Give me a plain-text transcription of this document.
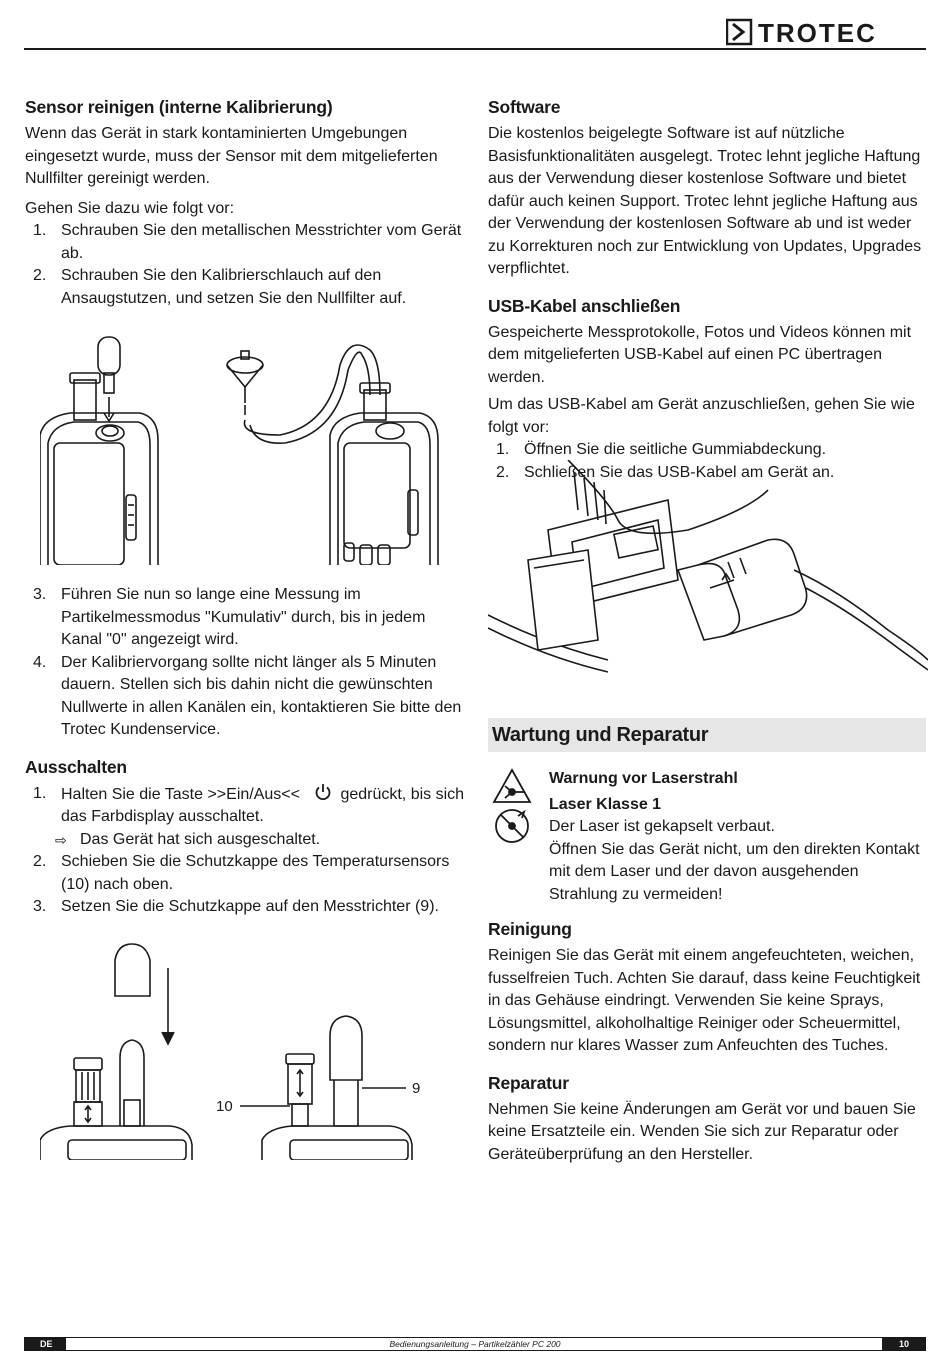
TROTEC
Sensor reinigen (interne Kalibrierung)

Wenn das Gerät in stark kontaminierten Umgebungen eingesetzt wurde, muss der Sensor mit dem mitgelieferten Nullfilter gereinigt werden.

Gehen Sie dazu wie folgt vor:

1. Schrauben Sie den metallischen Messtrichter vom Gerät ab.
2. Schrauben Sie den Kalibrierschlauch auf den Ansaugstutzen, und setzen Sie den Nullfilter auf.
3. Führen Sie nun so lange eine Messung im Partikelmessmodus "Kumulativ" durch, bis in jedem Kanal "0" angezeigt wird.
4. Der Kalibriervorgang sollte nicht länger als 5 Minuten dauern. Stellen sich bis dahin nicht die gewünschten Nullwerte in allen Kanälen ein, kontaktieren Sie bitte den Trotec Kundenservice.
Ausschalten
1. Halten Sie die Taste >>Ein/Aus<<	gedrückt, bis sich das Farbdisplay ausschaltet.
⇨ Das Gerät hat sich ausgeschaltet.
2. Schieben Sie die Schutzkappe des Temperatursensors (10) nach oben.
3. Setzen Sie die Schutzkappe auf den Messtrichter (9).
10
9
Software

Die kostenlos beigelegte Software ist auf nützliche Basisfunktionalitäten ausgelegt. Trotec lehnt jegliche Haftung aus der Verwendung dieser kostenlose Software und bietet dafür auch keinen Support. Trotec lehnt jegliche Haftung aus der Verwendung der kostenlosen Software ab und ist weder zu Korrekturen noch zur Entwicklung von Updates, Upgrades verpflichtet.

USB-Kabel anschließen

Gespeicherte Messprotokolle, Fotos und Videos können mit dem mitgelieferten USB-Kabel auf einen PC übertragen werden.

Um das USB-Kabel am Gerät anzuschließen, gehen Sie wie folgt vor:

1. Öffnen Sie die seitliche Gummiabdeckung.
2. Schließen Sie das USB-Kabel am Gerät an.
Wartung und Reparatur
Warnung vor Laserstrahl
Laser Klasse 1
Der Laser ist gekapselt verbaut.
Öffnen Sie das Gerät nicht, um den direkten Kontakt mit dem Laser und der davon ausgehenden Strahlung zu vermeiden!
Reinigung

Reinigen Sie das Gerät mit einem angefeuchteten, weichen, fusselfreien Tuch. Achten Sie darauf, dass keine Feuchtigkeit in das Gehäuse eindringt. Verwenden Sie keine Sprays, Lösungsmittel, alkoholhaltige Reiniger oder Scheuermittel, sondern nur klares Wasser zum Anfeuchten des Tuches.

Reparatur

Nehmen Sie keine Änderungen am Gerät vor und bauen Sie keine Ersatzteile ein. Wenden Sie sich zur Reparatur oder Geräteüberprüfung an den Hersteller.

DE	Bedienungsanleitung – Partikelzähler PC 200	10
